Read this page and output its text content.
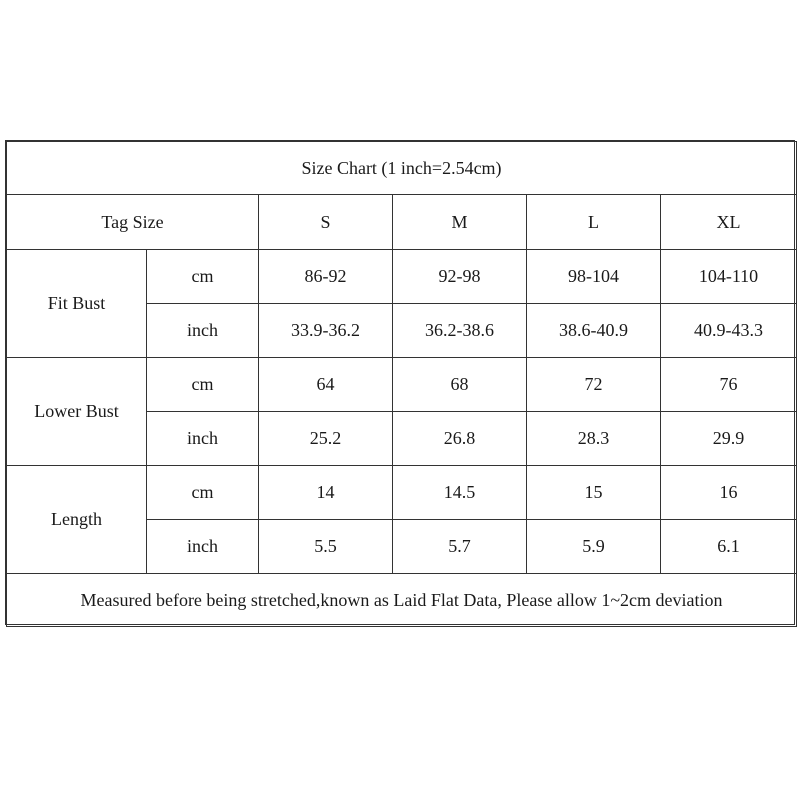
Size Chart (1 inch=2.54cm)					
Tag Size		S	M	L	XL
Fit Bust	cm	86-92	92-98	98-104	104-110
	inch	33.9-36.2	36.2-38.6	38.6-40.9	40.9-43.3
Lower Bust	cm	64	68	72	76
	inch	25.2	26.8	28.3	29.9
Length	cm	14	14.5	15	16
	inch	5.5	5.7	5.9	6.1
Measured before being stretched,known as Laid Flat Data, Please allow 1~2cm deviation					
